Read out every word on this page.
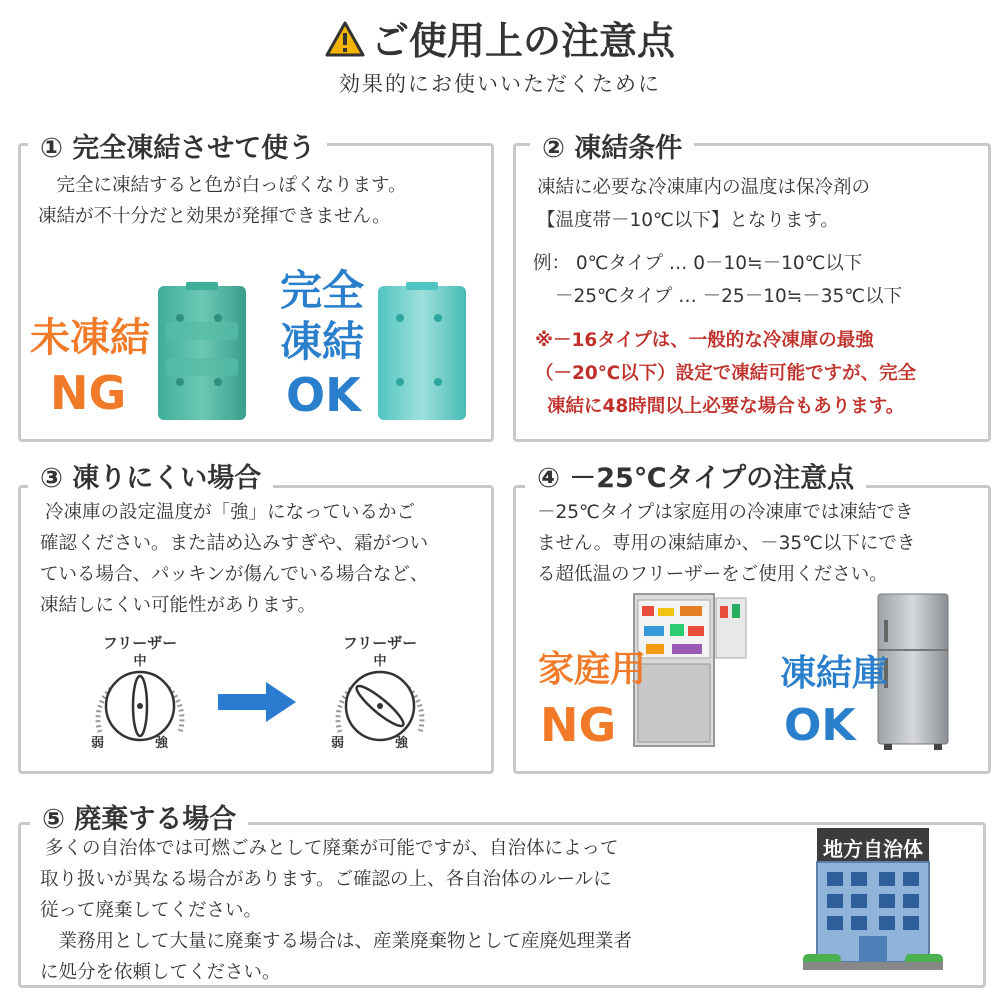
ご使用上の注意点
効果的にお使いいただくために
① 完全凍結させて使う
　完全に凍結すると色が白っぽくなります。
凍結が不十分だと効果が発揮できません。
未凍結
NG
完全
凍結
OK
② 凍結条件
凍結に必要な冷凍庫内の温度は保冷剤の
【温度帯－10℃以下】となります。
例： 0℃タイプ … 0－10≒－10℃以下
－25℃タイプ … －25－10≒－35℃以下
※－16タイプは、一般的な冷凍庫の最強
（－20℃以下）設定で凍結可能ですが、完全
凍結に48時間以上必要な場合もあります。
③ 凍りにくい場合
冷凍庫の設定温度が「強」になっているかご
確認ください。また詰め込みすぎや、霜がつい
ている場合、パッキンが傷んでいる場合など、
凍結しにくい可能性があります。
フリーザー
中
弱	強
フリーザー
中
弱	強
④ －25℃タイプの注意点
－25℃タイプは家庭用の冷凍庫では凍結でき
ません。専用の凍結庫か、－35℃以下にでき
る超低温のフリーザーをご使用ください。
家庭用
NG
凍結庫
OK
⑤ 廃棄する場合
多くの自治体では可燃ごみとして廃棄が可能ですが、自治体によって
取り扱いが異なる場合があります。ご確認の上、各自治体のルールに
従って廃棄してください。
　業務用として大量に廃棄する場合は、産業廃棄物として産廃処理業者
に処分を依頼してください。
地方自治体
